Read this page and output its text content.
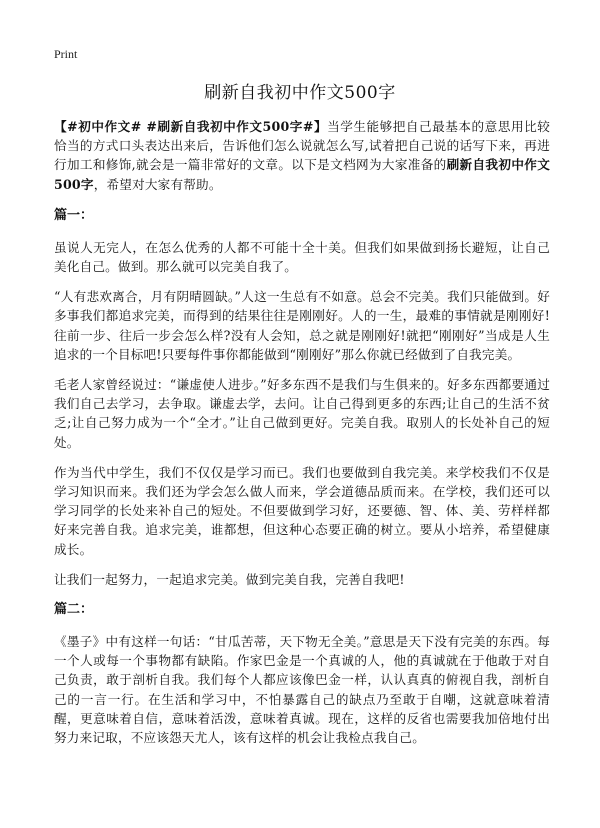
Print
刷新自我初中作文500字

【#初中作文# #刷新自我初中作文500字#】当学生能够把自己最基本的意思用比较恰当的方式口头表达出来后，告诉他们怎么说就怎么写,试着把自己说的话写下来，再进行加工和修饰,就会是一篇非常好的文章。以下是文档网为大家准备的刷新自我初中作文500字，希望对大家有帮助。

篇一：

虽说人无完人，在怎么优秀的人都不可能十全十美。但我们如果做到扬长避短，让自己美化自己。做到。那么就可以完美自我了。

“人有悲欢离合，月有阴晴圆缺。”人这一生总有不如意。总会不完美。我们只能做到。好多事我们都追求完美，而得到的结果往往是刚刚好。人的一生，最难的事情就是刚刚好!往前一步、往后一步会怎么样?没有人会知，总之就是刚刚好!就把“刚刚好”当成是人生追求的一个目标吧!只要每件事你都能做到“刚刚好”那么你就已经做到了自我完美。

毛老人家曾经说过：“谦虚使人进步。”好多东西不是我们与生俱来的。好多东西都要通过我们自己去学习，去争取。谦虚去学，去问。让自己得到更多的东西;让自己的生活不贫乏;让自己努力成为一个“全才。”让自己做到更好。完美自我。取别人的长处补自己的短处。

作为当代中学生，我们不仅仅是学习而已。我们也要做到自我完美。来学校我们不仅是学习知识而来。我们还为学会怎么做人而来，学会道德品质而来。在学校，我们还可以学习同学的长处来补自己的短处。不但要做到学习好，还要德、智、体、美、劳样样都好来完善自我。追求完美，谁都想，但这种心态要正确的树立。要从小培养，希望健康成长。

让我们一起努力，一起追求完美。做到完美自我，完善自我吧!

篇二：

《墨子》中有这样一句话：“甘瓜苦蒂，天下物无全美。”意思是天下没有完美的东西。每一个人或每一个事物都有缺陷。作家巴金是一个真诚的人，他的真诚就在于他敢于对自己负责，敢于剖析自我。我们每个人都应该像巴金一样，认认真真的俯视自我，剖析自己的一言一行。在生活和学习中，不怕暴露自己的缺点乃至敢于自嘲，这就意味着清醒，更意味着自信，意味着活泼，意味着真诚。现在，这样的反省也需要我加倍地付出努力来记取，不应该怨天尤人，该有这样的机会让我检点我自己。
